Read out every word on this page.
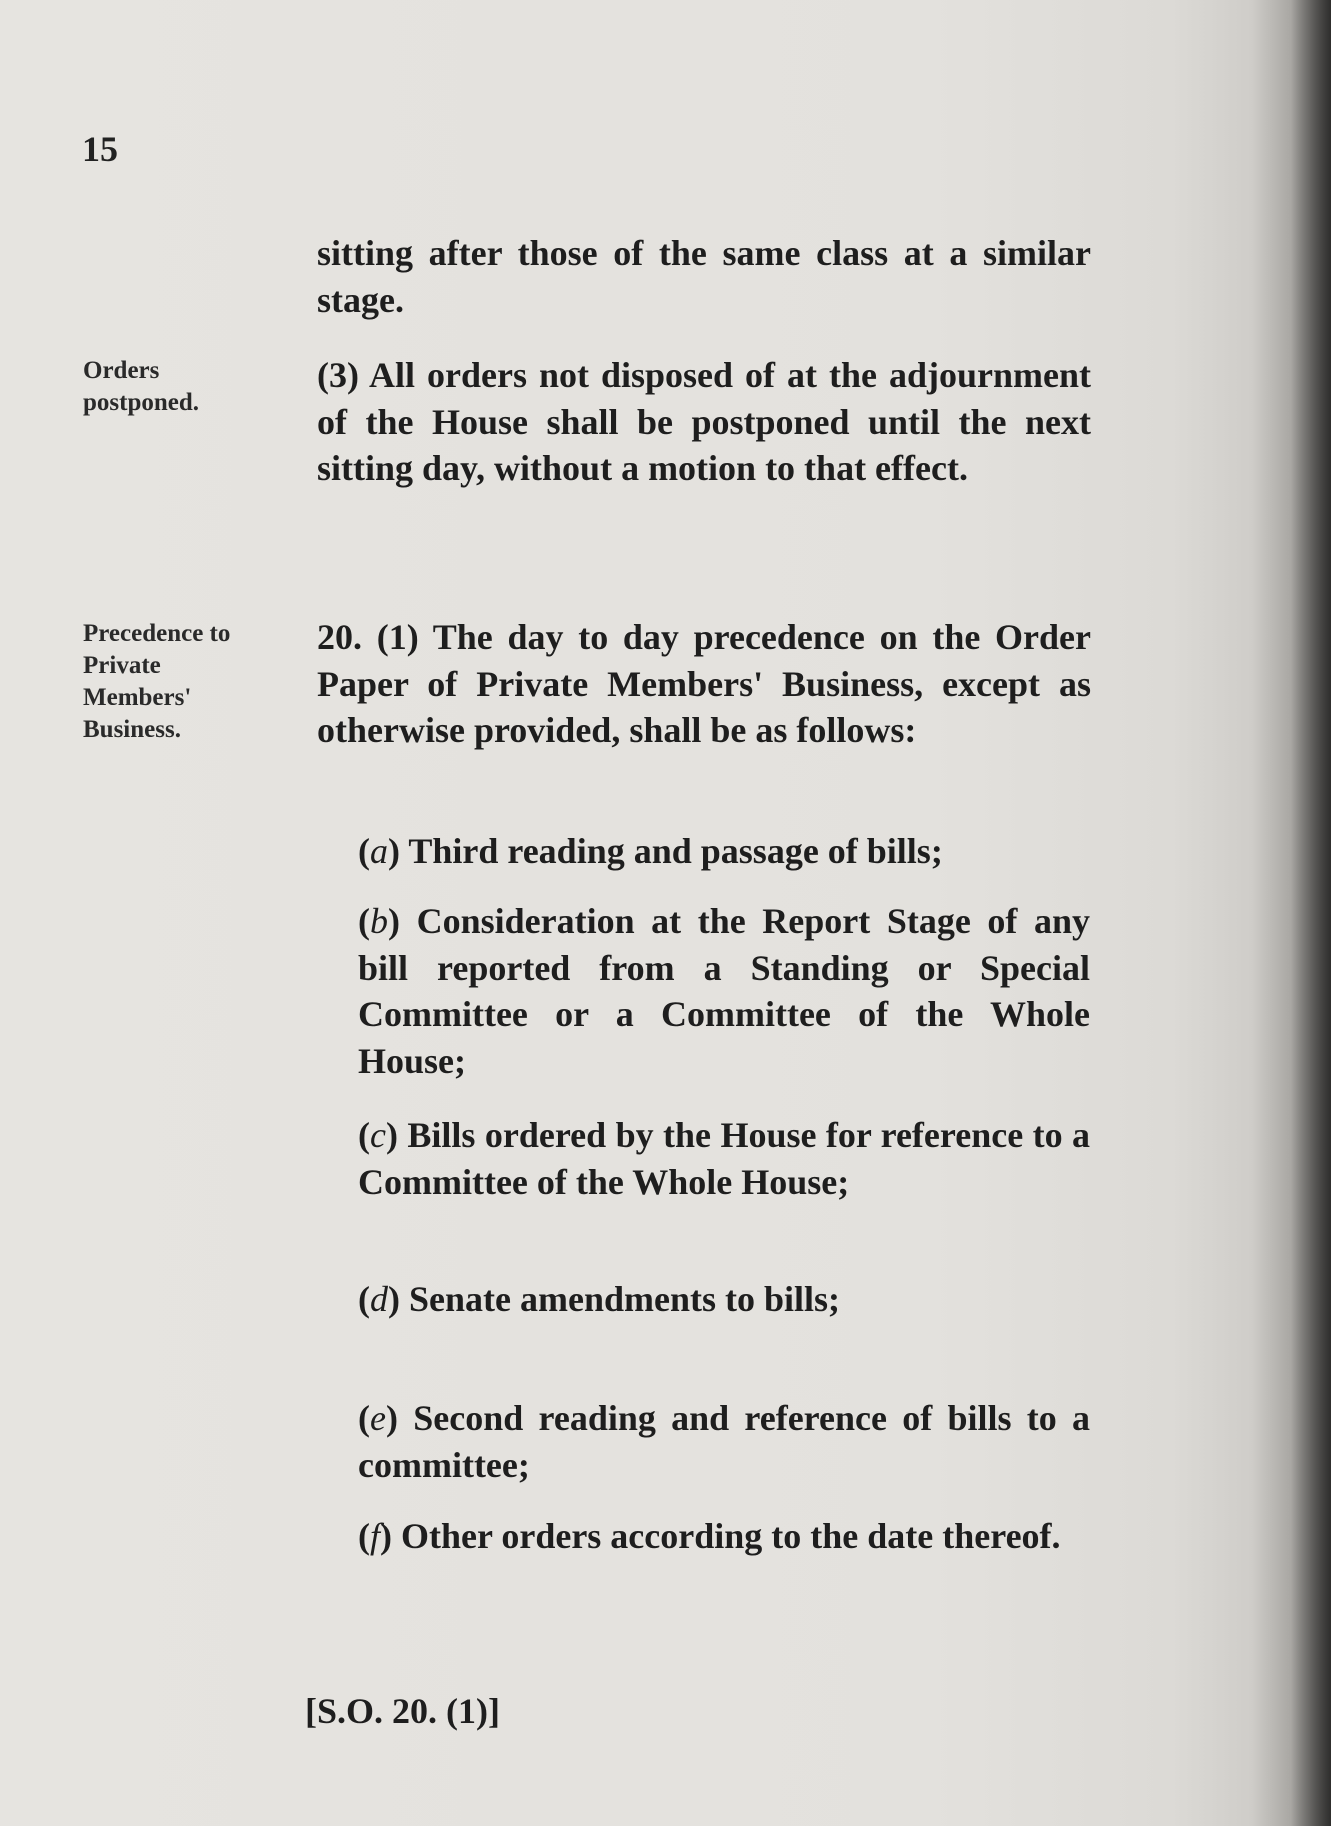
15
Orders
postponed.
Precedence to
Private
Members'
Business.
sitting after those of the same class at a similar stage.
(3) All orders not disposed of at the adjournment of the House shall be postponed until the next sitting day, without a motion to that effect.
20. (1) The day to day precedence on the Order Paper of Private Members' Business, except as otherwise provided, shall be as follows:
(a) Third reading and passage of bills;
(b) Consideration at the Report Stage of any bill reported from a Standing or Special Committee or a Committee of the Whole House;
(c) Bills ordered by the House for reference to a Committee of the Whole House;
(d) Senate amendments to bills;
(e) Second reading and reference of bills to a committee;
(f) Other orders according to the date thereof.
[S.O. 20. (1)]
